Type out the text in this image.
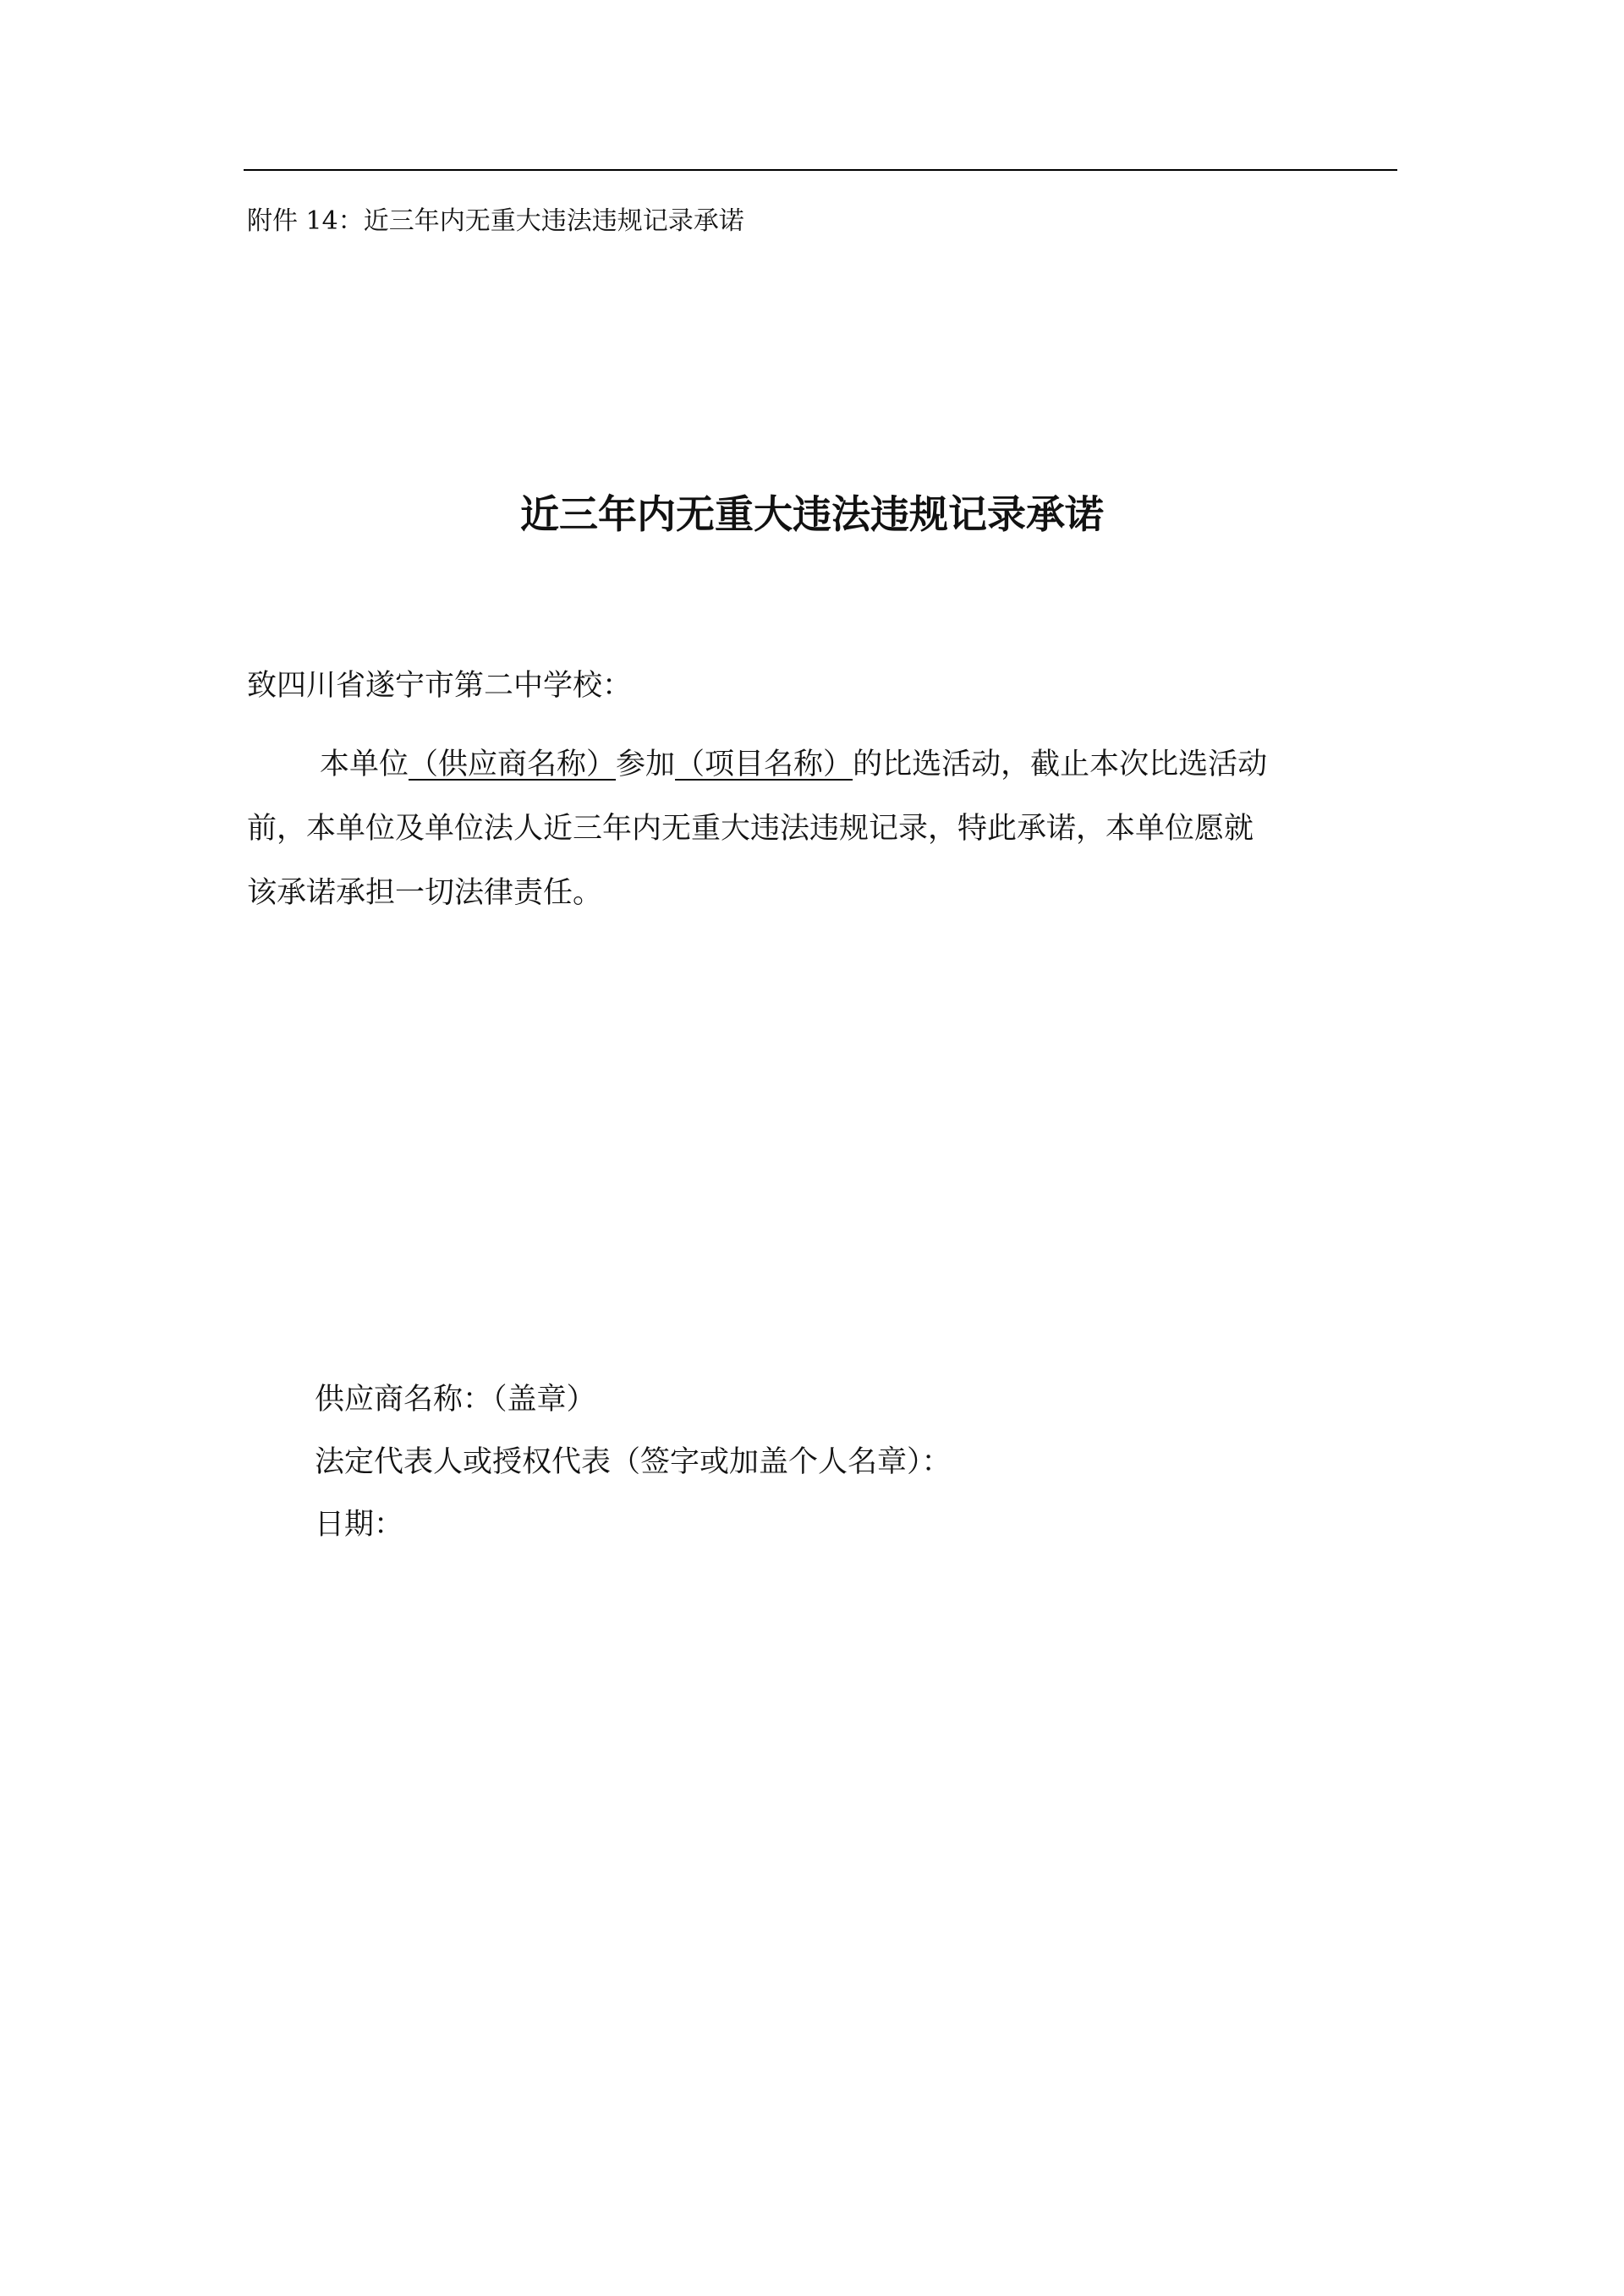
附件 14：近三年内无重大违法违规记录承诺
近三年内无重大违法违规记录承诺
致四川省遂宁市第二中学校：
本单位（供应商名称）参加（项目名称）的比选活动，截止本次比选活动
前，本单位及单位法人近三年内无重大违法违规记录，特此承诺，本单位愿就
该承诺承担一切法律责任。
供应商名称：（盖章）
法定代表人或授权代表（签字或加盖个人名章）：
日期：
